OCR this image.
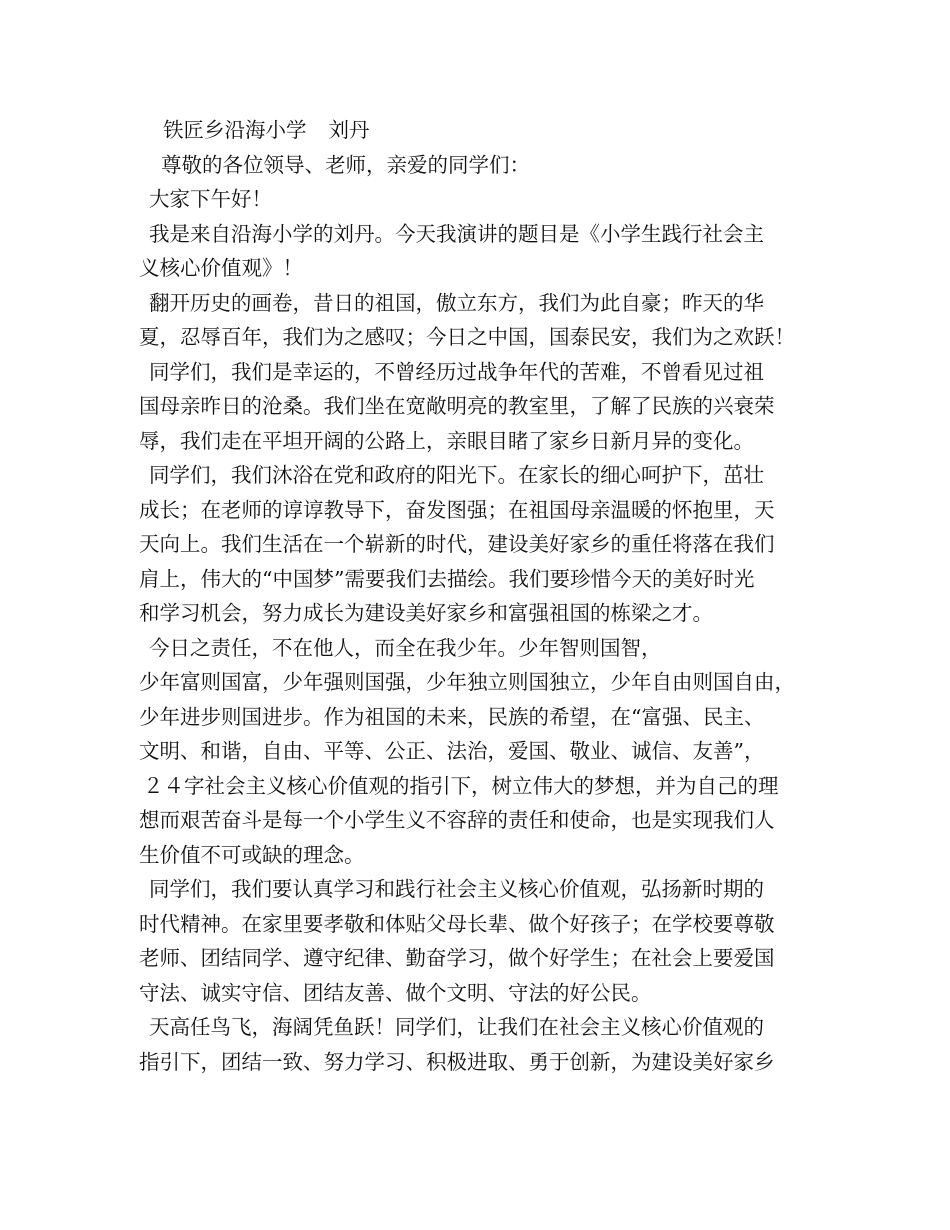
铁匠乡沿海小学 刘丹
尊敬的各位领导、老师，亲爱的同学们：
大家下午好！
我是来自沿海小学的刘丹。今天我演讲的题目是《小学生践行社会主
义核心价值观》！
翻开历史的画卷，昔日的祖国，傲立东方，我们为此自豪；昨天的华
夏，忍辱百年，我们为之感叹；今日之中国，国泰民安，我们为之欢跃！
同学们，我们是幸运的，不曾经历过战争年代的苦难，不曾看见过祖
国母亲昨日的沧桑。我们坐在宽敞明亮的教室里，了解了民族的兴衰荣
辱，我们走在平坦开阔的公路上，亲眼目睹了家乡日新月异的变化。
同学们，我们沐浴在党和政府的阳光下。在家长的细心呵护下，茁壮
成长；在老师的谆谆教导下，奋发图强；在祖国母亲温暖的怀抱里，天
天向上。我们生活在一个崭新的时代，建设美好家乡的重任将落在我们
肩上，伟大的“中国梦”需要我们去描绘。我们要珍惜今天的美好时光
和学习机会，努力成长为建设美好家乡和富强祖国的栋梁之才。
今日之责任，不在他人，而全在我少年。少年智则国智，
少年富则国富，少年强则国强，少年独立则国独立，少年自由则国自由，
少年进步则国进步。作为祖国的未来，民族的希望，在“富强、民主、
文明、和谐，自由、平等、公正、法治，爱国、敬业、诚信、友善”，
２４字社会主义核心价值观的指引下，树立伟大的梦想，并为自己的理
想而艰苦奋斗是每一个小学生义不容辞的责任和使命，也是实现我们人
生价值不可或缺的理念。
同学们，我们要认真学习和践行社会主义核心价值观，弘扬新时期的
时代精神。在家里要孝敬和体贴父母长辈、做个好孩子；在学校要尊敬
老师、团结同学、遵守纪律、勤奋学习，做个好学生；在社会上要爱国
守法、诚实守信、团结友善、做个文明、守法的好公民。
天高任鸟飞，海阔凭鱼跃！同学们，让我们在社会主义核心价值观的
指引下，团结一致、努力学习、积极进取、勇于创新，为建设美好家乡
